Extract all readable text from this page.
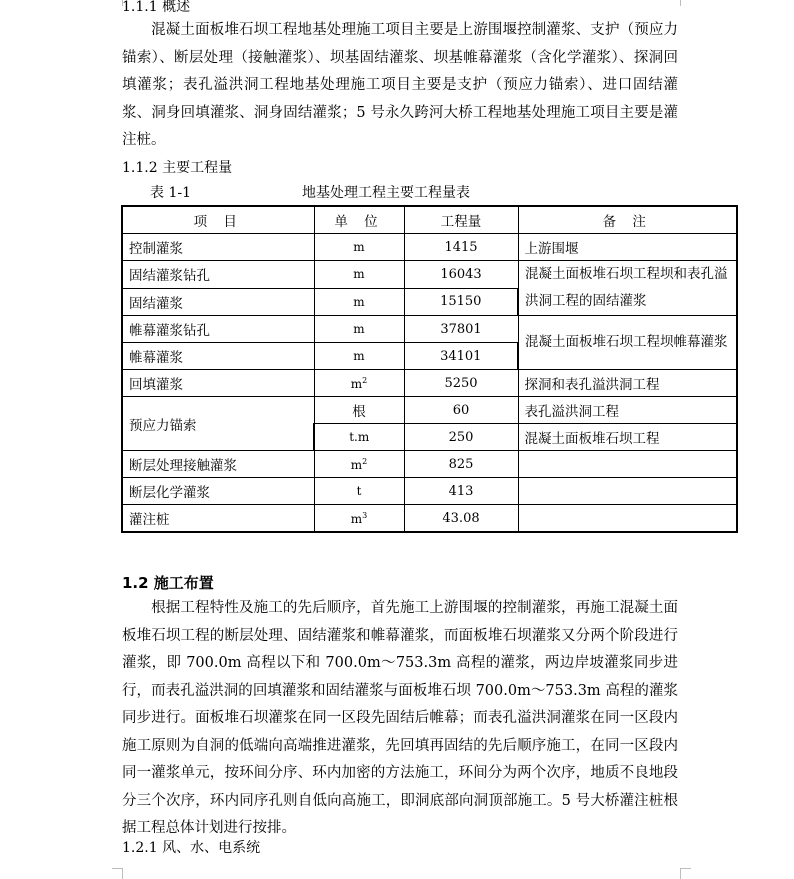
1.1.1 概述
混凝土面板堆石坝工程地基处理施工项目主要是上游围堰控制灌浆、支护（预应力锚索）、断层处理（接触灌浆）、坝基固结灌浆、坝基帷幕灌浆（含化学灌浆）、探洞回填灌浆；表孔溢洪洞工程地基处理施工项目主要是支护（预应力锚索）、进口固结灌浆、洞身回填灌浆、洞身固结灌浆；5 号永久跨河大桥工程地基处理施工项目主要是灌注桩。
1.1.2 主要工程量
表 1-1	地基处理工程主要工程量表
项 目	单 位	工程量	备 注
控制灌浆	m	1415	上游围堰
固结灌浆钻孔	m	16043	混凝土面板堆石坝工程坝和表孔溢洪洞工程的固结灌浆
固结灌浆	m	15150	
帷幕灌浆钻孔	m	37801	混凝土面板堆石坝工程坝帷幕灌浆
帷幕灌浆	m	34101	
回填灌浆	$m^2$	5250	探洞和表孔溢洪洞工程
预应力锚索	根	60	表孔溢洪洞工程
	t.m	250	混凝土面板堆石坝工程
断层处理接触灌浆	$m^2$	825	
断层化学灌浆	t	413	
灌注桩	$m^3$	43.08	
1.2 施工布置
根据工程特性及施工的先后顺序，首先施工上游围堰的控制灌浆，再施工混凝土面板堆石坝工程的断层处理、固结灌浆和帷幕灌浆，而面板堆石坝灌浆又分两个阶段进行灌浆，即 700.0m 高程以下和 700.0m～753.3m 高程的灌浆，两边岸坡灌浆同步进行，而表孔溢洪洞的回填灌浆和固结灌浆与面板堆石坝 700.0m～753.3m 高程的灌浆同步进行。面板堆石坝灌浆在同一区段先固结后帷幕；而表孔溢洪洞灌浆在同一区段内施工原则为自洞的低端向高端推进灌浆，先回填再固结的先后顺序施工，在同一区段内同一灌浆单元，按环间分序、环内加密的方法施工，环间分为两个次序，地质不良地段分三个次序，环内同序孔则自低向高施工，即洞底部向洞顶部施工。5 号大桥灌注桩根据工程总体计划进行按排。
1.2.1 风、水、电系统
